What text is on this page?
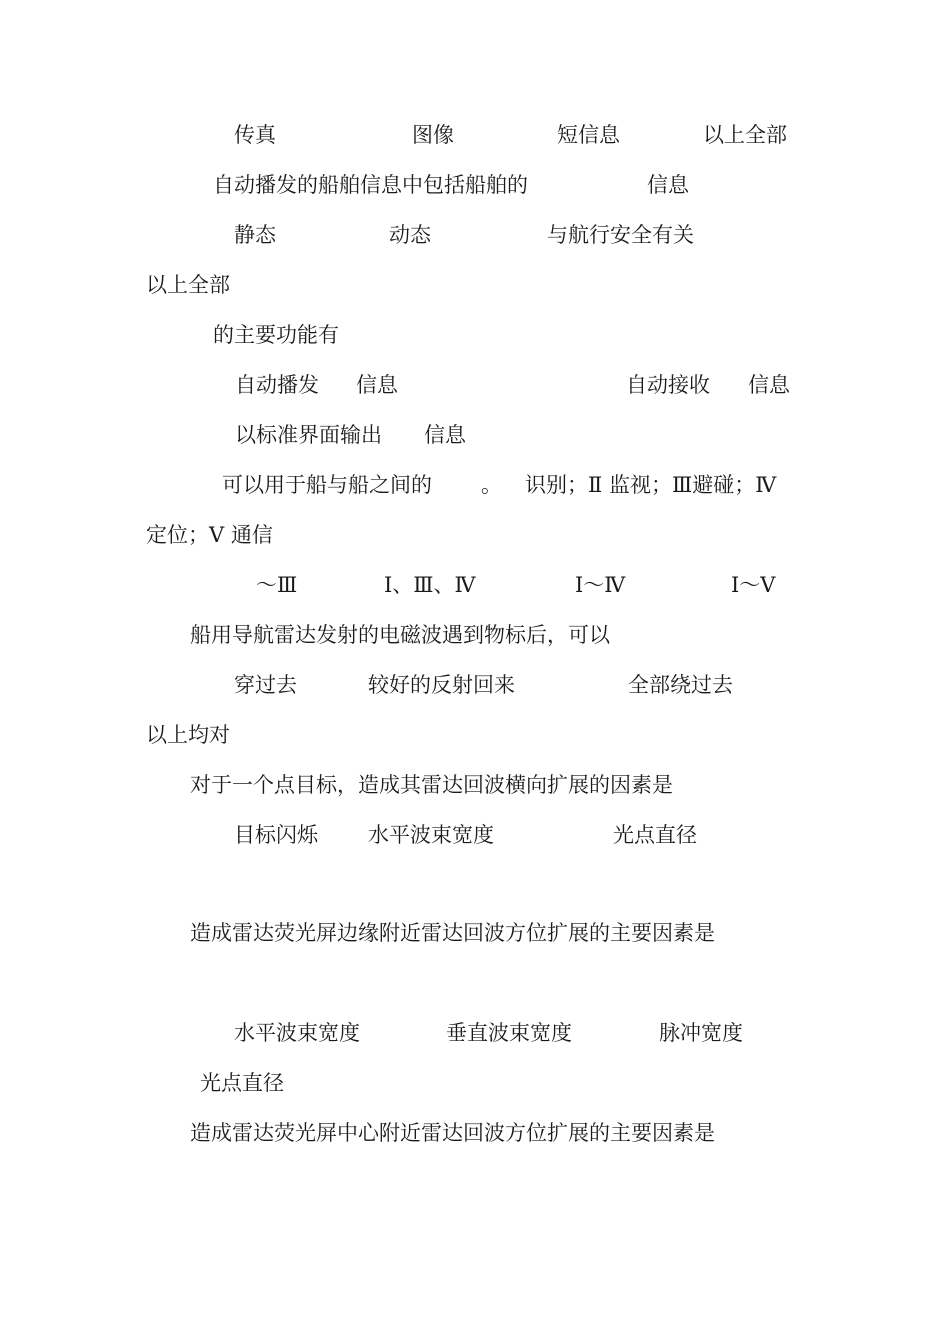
传真	图像	短信息	以上全部
自动播发的船舶信息中包括船舶的	信息
静态	动态	与航行安全有关
以上全部
的主要功能有
自动播发 信息	自动接收 信息
以标准界面输出 信息
可以用于船与船之间的 。 识别；Ⅱ 监视；Ⅲ避碰；Ⅳ
定位；Ⅴ 通信
～Ⅲ	Ⅰ、Ⅲ、Ⅳ	Ⅰ～Ⅳ	Ⅰ～Ⅴ
船用导航雷达发射的电磁波遇到物标后，可以
穿过去	较好的反射回来	全部绕过去
以上均对
对于一个点目标，造成其雷达回波横向扩展的因素是
目标闪烁 水平波束宽度	光点直径
造成雷达荧光屏边缘附近雷达回波方位扩展的主要因素是
水平波束宽度	垂直波束宽度	脉冲宽度
光点直径
造成雷达荧光屏中心附近雷达回波方位扩展的主要因素是
